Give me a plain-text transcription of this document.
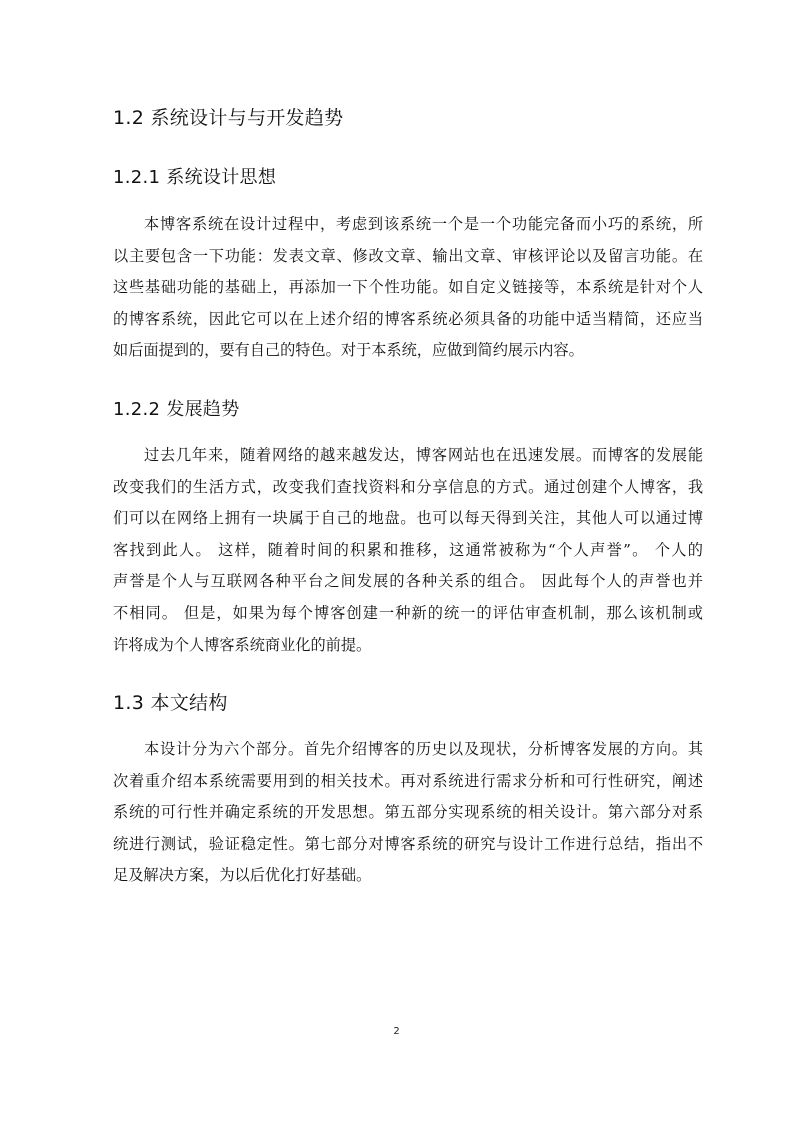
1.2 系统设计与与开发趋势
1.2.1 系统设计思想
本博客系统在设计过程中，考虑到该系统一个是一个功能完备而小巧的系统，所
以主要包含一下功能：发表文章、修改文章、输出文章、审核评论以及留言功能。在
这些基础功能的基础上，再添加一下个性功能。如自定义链接等，本系统是针对个人
的博客系统，因此它可以在上述介绍的博客系统必须具备的功能中适当精简，还应当
如后面提到的，要有自己的特色。对于本系统，应做到简约展示内容。
1.2.2 发展趋势
过去几年来，随着网络的越来越发达，博客网站也在迅速发展。而博客的发展能
改变我们的生活方式，改变我们查找资料和分享信息的方式。通过创建个人博客，我
们可以在网络上拥有一块属于自己的地盘。也可以每天得到关注，其他人可以通过博
客找到此人。 这样，随着时间的积累和推移，这通常被称为“个人声誉”。 个人的
声誉是个人与互联网各种平台之间发展的各种关系的组合。 因此每个人的声誉也并
不相同。 但是，如果为每个博客创建一种新的统一的评估审查机制，那么该机制或
许将成为个人博客系统商业化的前提。
1.3 本文结构
本设计分为六个部分。首先介绍博客的历史以及现状，分析博客发展的方向。其
次着重介绍本系统需要用到的相关技术。再对系统进行需求分析和可行性研究，阐述
系统的可行性并确定系统的开发思想。第五部分实现系统的相关设计。第六部分对系
统进行测试，验证稳定性。第七部分对博客系统的研究与设计工作进行总结，指出不
足及解决方案，为以后优化打好基础。
2
